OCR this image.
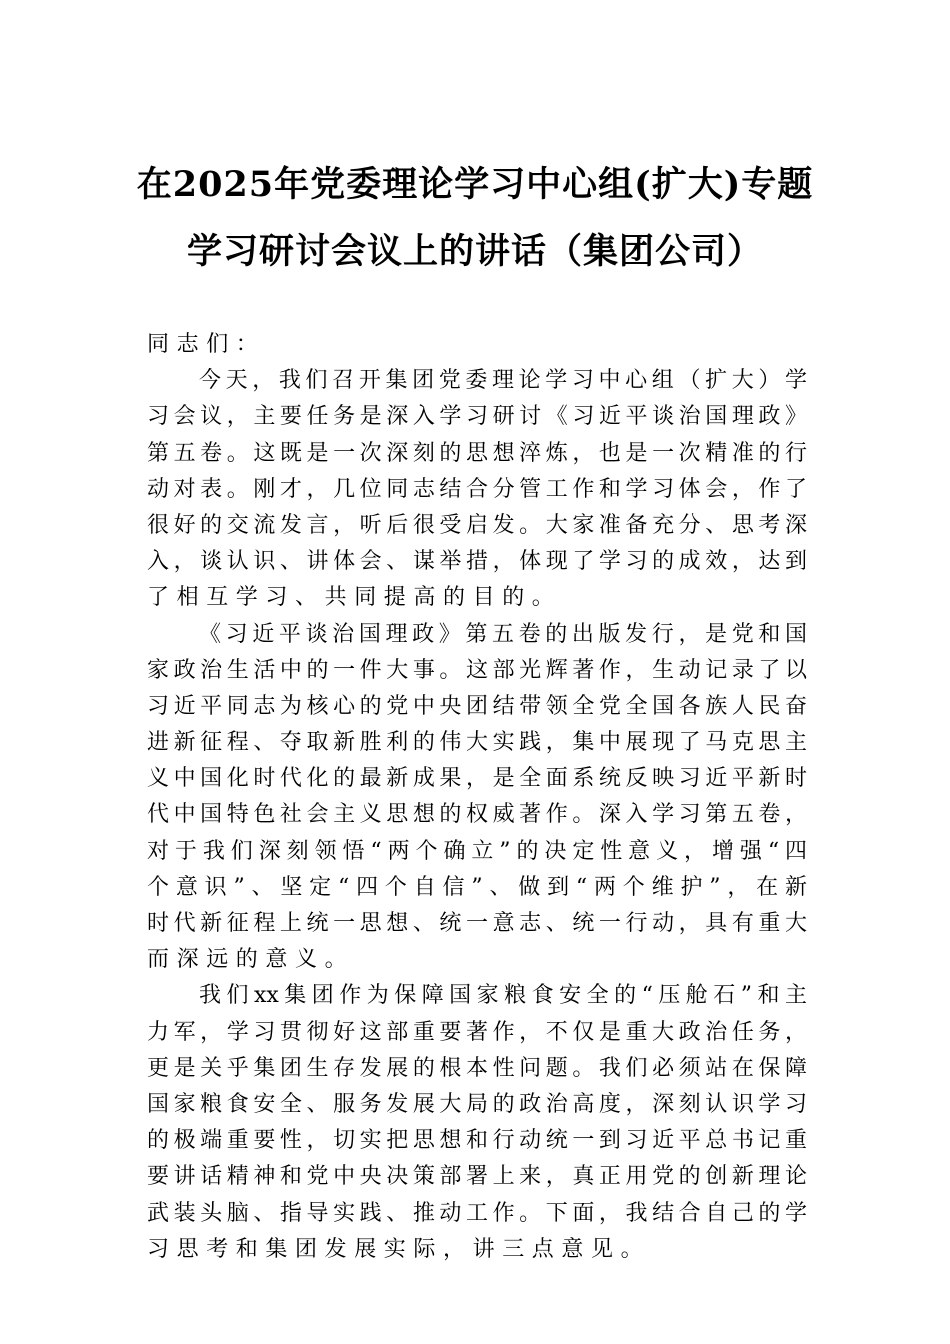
在2025年党委理论学习中心组(扩大)专题
学习研讨会议上的讲话（集团公司）
同志们：
今天，我们召开集团党委理论学习中心组（扩大）学
习会议，主要任务是深入学习研讨《习近平谈治国理政》
第五卷。这既是一次深刻的思想淬炼，也是一次精准的行
动对表。刚才，几位同志结合分管工作和学习体会，作了
很好的交流发言，听后很受启发。大家准备充分、思考深
入，谈认识、讲体会、谋举措，体现了学习的成效，达到
了相互学习、共同提高的目的。
《习近平谈治国理政》第五卷的出版发行，是党和国
家政治生活中的一件大事。这部光辉著作，生动记录了以
习近平同志为核心的党中央团结带领全党全国各族人民奋
进新征程、夺取新胜利的伟大实践，集中展现了马克思主
义中国化时代化的最新成果，是全面系统反映习近平新时
代中国特色社会主义思想的权威著作。深入学习第五卷，
对于我们深刻领悟“两个确立”的决定性意义，增强“四
个意识”、坚定“四个自信”、做到“两个维护”，在新
时代新征程上统一思想、统一意志、统一行动，具有重大
而深远的意义。
我们xx集团作为保障国家粮食安全的“压舱石”和主
力军，学习贯彻好这部重要著作，不仅是重大政治任务，
更是关乎集团生存发展的根本性问题。我们必须站在保障
国家粮食安全、服务发展大局的政治高度，深刻认识学习
的极端重要性，切实把思想和行动统一到习近平总书记重
要讲话精神和党中央决策部署上来，真正用党的创新理论
武装头脑、指导实践、推动工作。下面，我结合自己的学
习思考和集团发展实际，讲三点意见。
